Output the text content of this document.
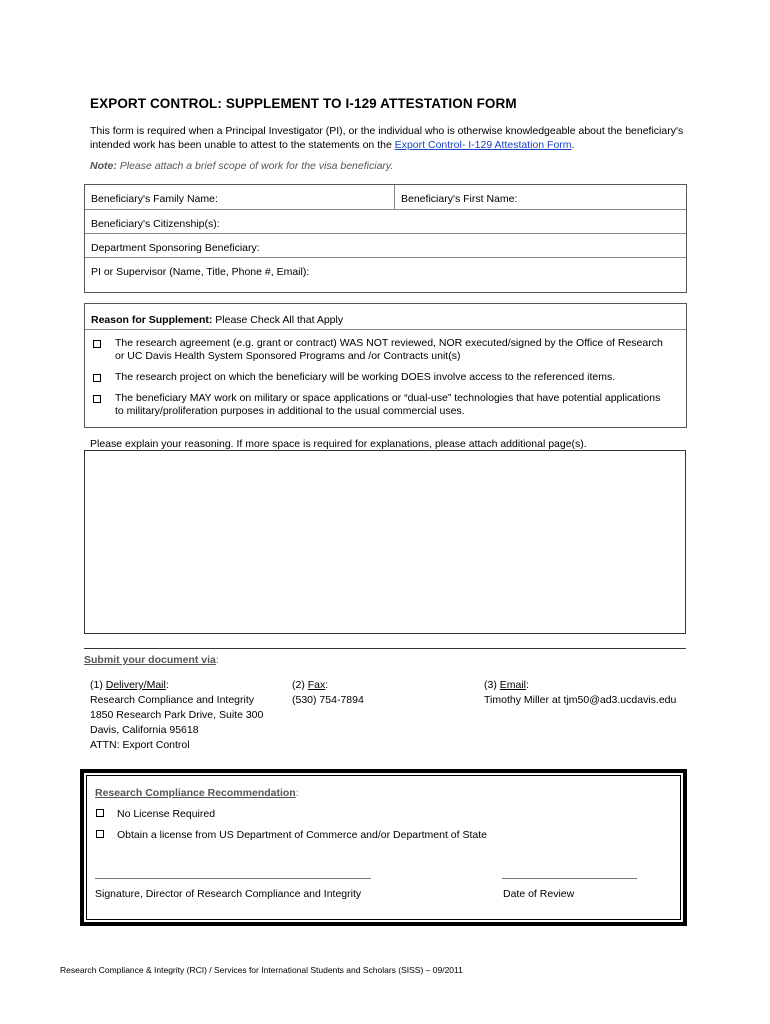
EXPORT CONTROL: SUPPLEMENT TO I-129 ATTESTATION FORM
This form is required when a Principal Investigator (PI), or the individual who is otherwise knowledgeable about the beneficiary's intended work has been unable to attest to the statements on the Export Control- I-129 Attestation Form.
Note: Please attach a brief scope of work for the visa beneficiary.
Beneficiary's Family Name:	Beneficiary's First Name:
Beneficiary's Citizenship(s):
Department Sponsoring Beneficiary:
PI or Supervisor (Name, Title, Phone #, Email):
Reason for Supplement: Please Check All that Apply
The research agreement (e.g. grant or contract) WAS NOT reviewed, NOR executed/signed by the Office of Research or UC Davis Health System Sponsored Programs and /or Contracts unit(s)
The research project on which the beneficiary will be working DOES involve access to the referenced items.
The beneficiary MAY work on military or space applications or “dual-use” technologies that have potential applications to military/proliferation purposes in additional to the usual commercial uses.
Please explain your reasoning. If more space is required for explanations, please attach additional page(s).
Submit your document via:
(1) Delivery/Mail:
Research Compliance and Integrity
1850 Research Park Drive, Suite 300
Davis, California 95618
ATTN: Export Control
(2) Fax:
(530) 754-7894
(3) Email:
Timothy Miller at tjm50@ad3.ucdavis.edu
Research Compliance Recommendation:
No License Required
Obtain a license from US Department of Commerce and/or Department of State
Signature, Director of Research Compliance and Integrity	Date of Review
Research Compliance & Integrity (RCI) / Services for International Students and Scholars (SISS) – 09/2011
